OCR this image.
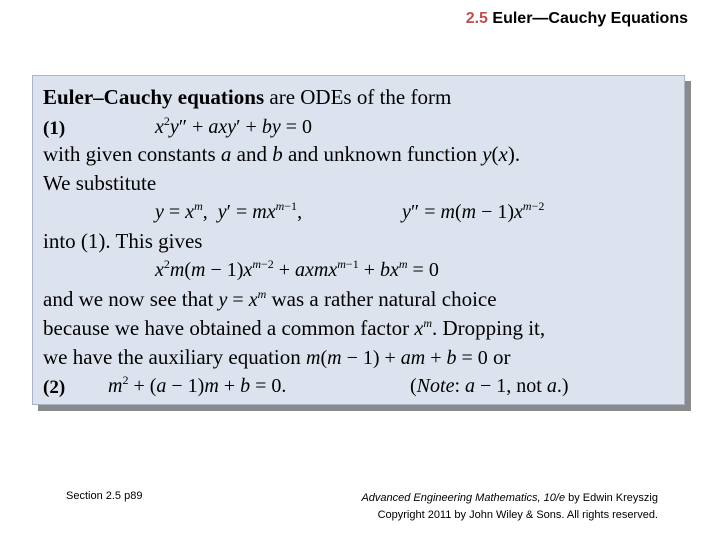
2.5 Euler—Cauchy Equations
Euler–Cauchy equations are ODEs of the form
(1)	$x^2y'' + axy'$ + by = 0
with given constants a and b and unknown function y(x).
We substitute
$y = x^m$,  $y' = mx^{m-1}$,	$y'' = m(m - 1)x^{m-2}$
into (1). This gives
$x^2m(m - 1)x^{m-2}$ + axmx$^{m-1}$ + $bx^m = 0$
and we now see that $y = x^m$ was a rather natural choice
because we have obtained a common factor $x^m$. Dropping it,
we have the auxiliary equation m(m − 1) + am + b = 0 or
(2) $m^2 + (a - 1)m + b = 0$.	(Note: a − 1, not a.)
Section 2.5 p89	Advanced Engineering Mathematics, 10/e by Edwin Kreyszig
Copyright 2011 by John Wiley & Sons. All rights reserved.
